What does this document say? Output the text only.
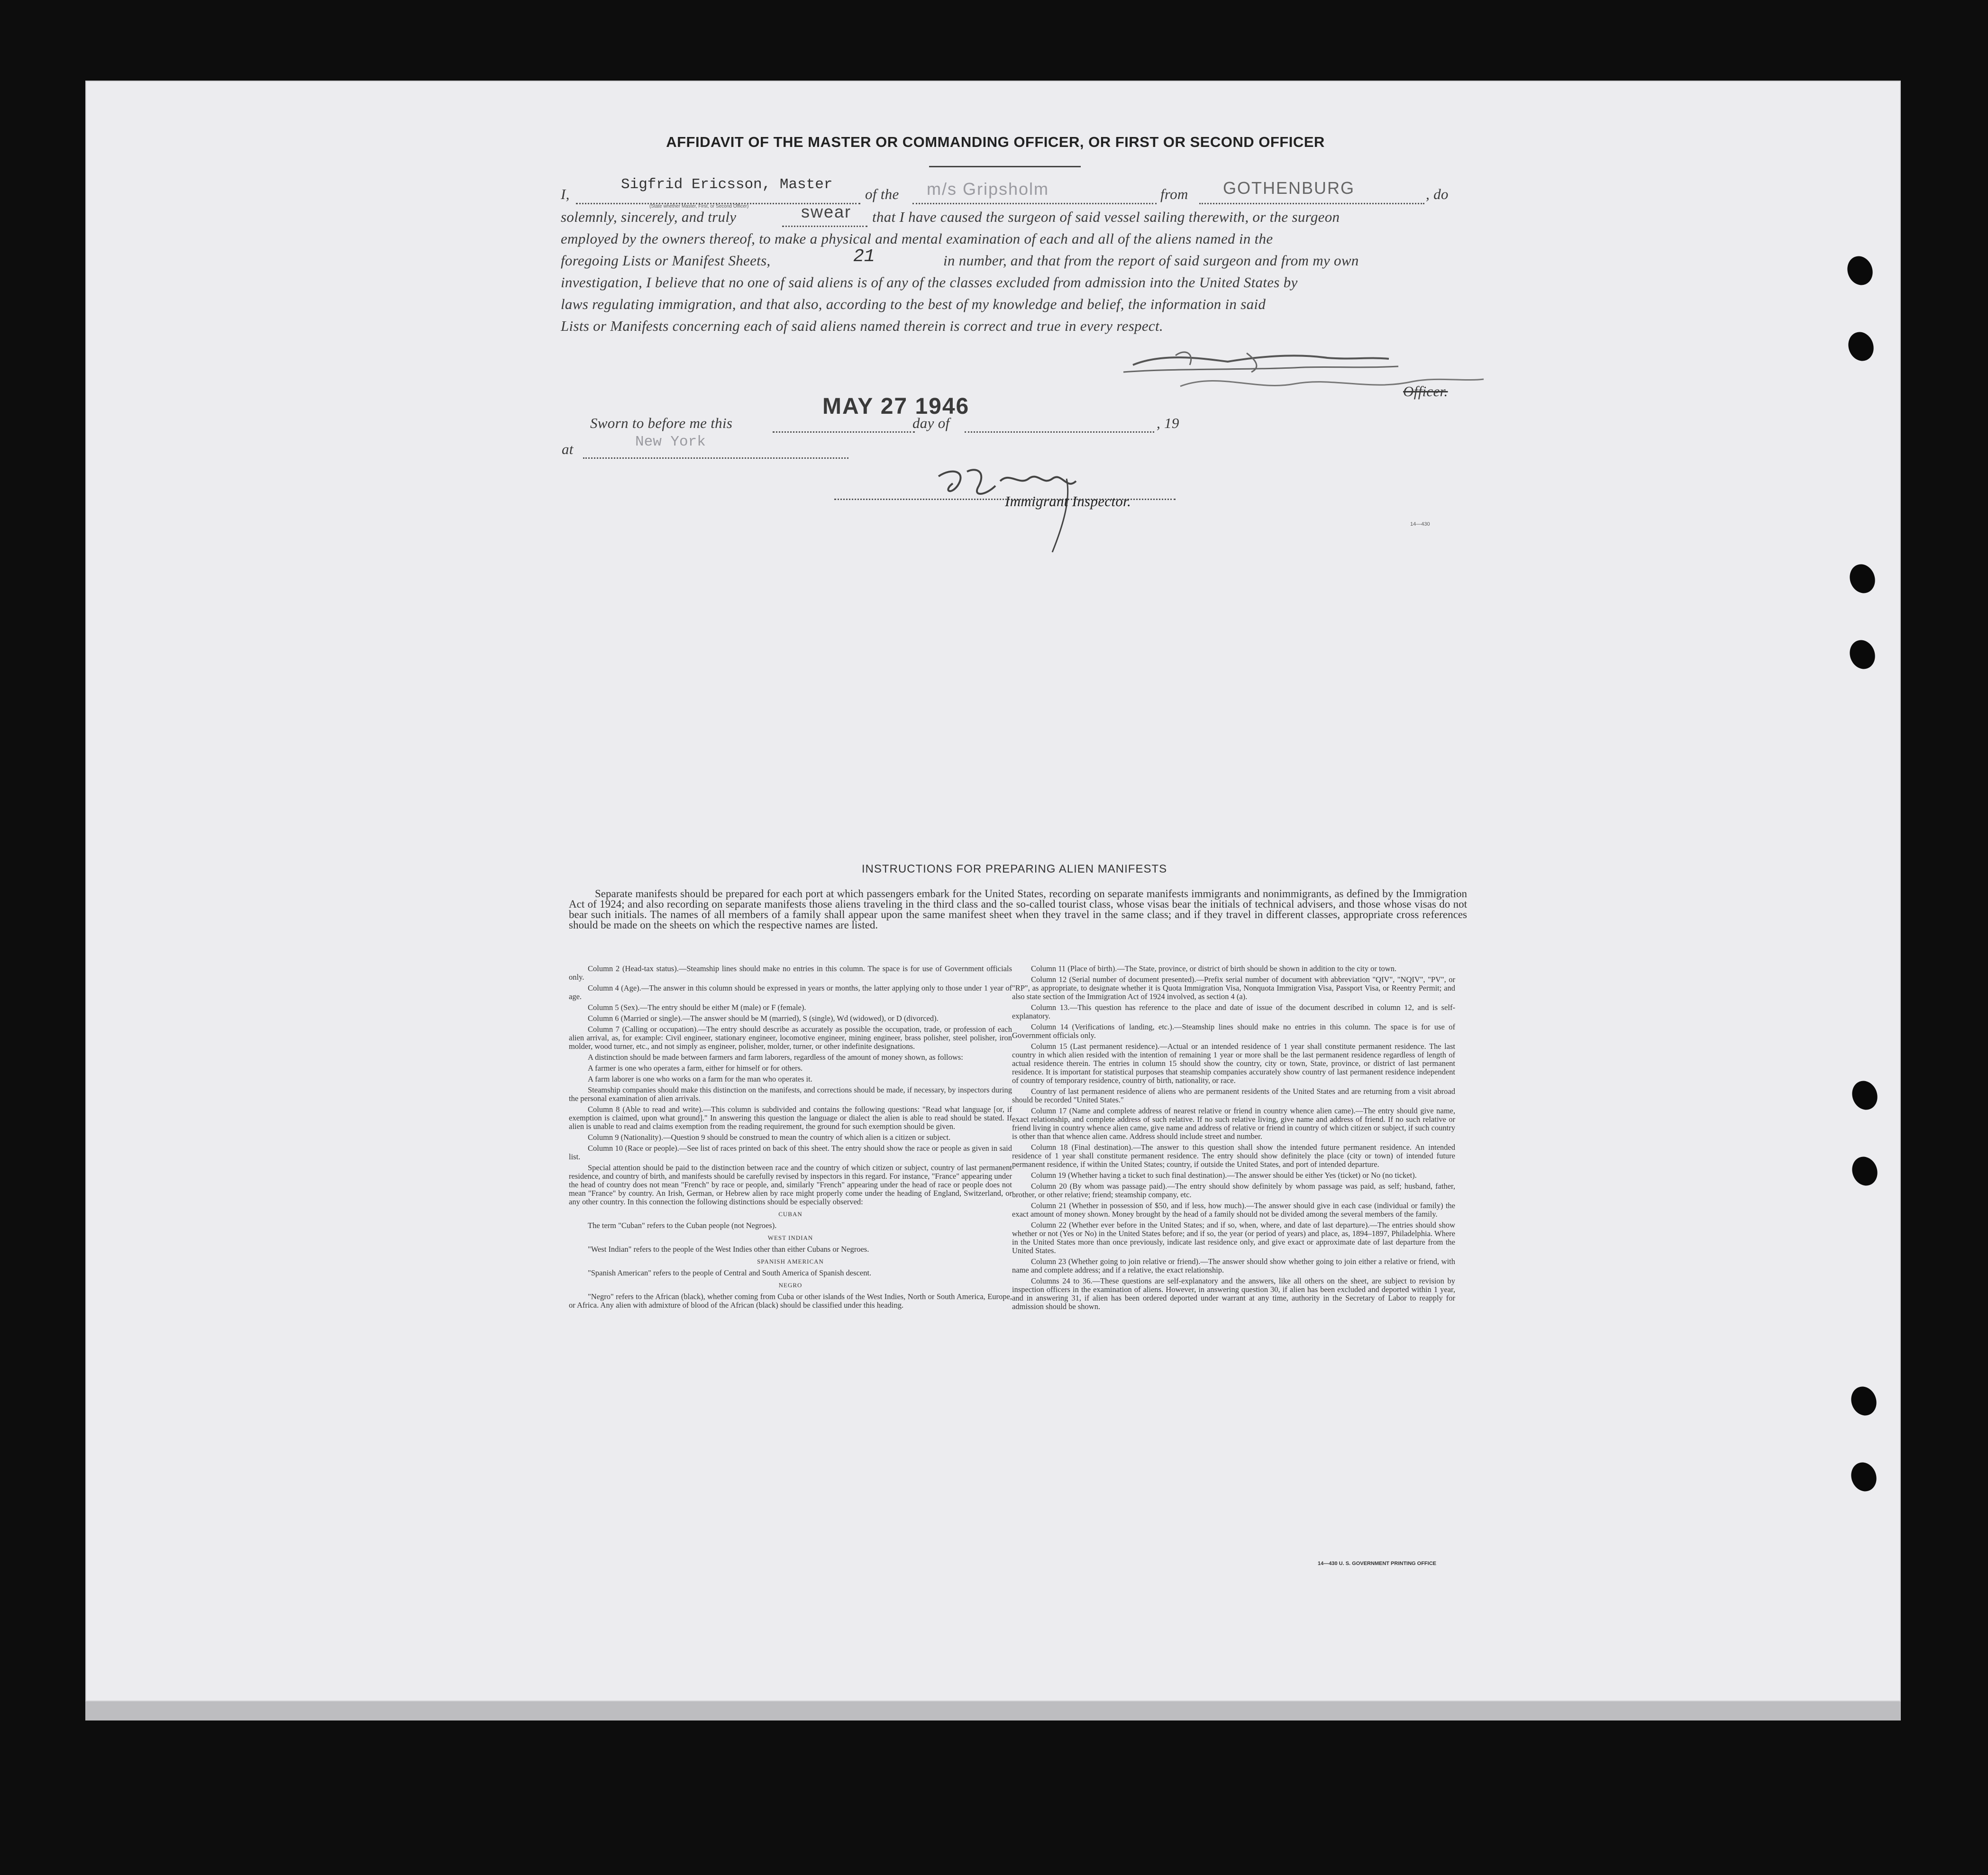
AFFIDAVIT OF THE MASTER OR COMMANDING OFFICER, OR FIRST OR SECOND OFFICER
I,
Sigfrid Ericsson, Master
(State whether Master, First, or Second Officer)
of the m/s Gripsholm	from GOTHENBURG	, do
solemnly, sincerely, and truly	swear that I have caused the surgeon of said vessel sailing therewith, or the surgeon
employed by the owners thereof, to make a physical and mental examination of each and all of the aliens named in the
foregoing Lists or Manifest Sheets,	21	in number, and that from the report of said surgeon and from my own
investigation, I believe that no one of said aliens is of any of the classes excluded from admission into the United States by
laws regulating immigration, and that also, according to the best of my knowledge and belief, the information in said
Lists or Manifests concerning each of said aliens named therein is correct and true in every respect.
Officer.
Sworn to before me this
MAY 27 1946
day of	, 19
at	New York
Immigrant Inspector.
14—430
INSTRUCTIONS FOR PREPARING ALIEN MANIFESTS
Separate manifests should be prepared for each port at which passengers embark for the United States, recording on separate manifests immigrants and nonimmigrants, as defined by the Immigration Act of 1924; and also recording on separate manifests those aliens traveling in the third class and the so-called tourist class, whose visas bear the initials of technical advisers, and those whose visas do not bear such initials. The names of all members of a family shall appear upon the same manifest sheet when they travel in the same class; and if they travel in different classes, appropriate cross references should be made on the sheets on which the respective names are listed.

Column 2 (Head-tax status).—Steamship lines should make no entries in this column. The space is for use of Government officials only.

Column 4 (Age).—The answer in this column should be expressed in years or months, the latter applying only to those under 1 year of age.

Column 5 (Sex).—The entry should be either M (male) or F (female).

Column 6 (Married or single).—The answer should be M (married), S (single), Wd (widowed), or D (divorced).

Column 7 (Calling or occupation).—The entry should describe as accurately as possible the occupation, trade, or profession of each alien arrival, as, for example: Civil engineer, stationary engineer, locomotive engineer, mining engineer, brass polisher, steel polisher, iron molder, wood turner, etc., and not simply as engineer, polisher, molder, turner, or other indefinite designations.

A distinction should be made between farmers and farm laborers, regardless of the amount of money shown, as follows:

A farmer is one who operates a farm, either for himself or for others.

A farm laborer is one who works on a farm for the man who operates it.

Steamship companies should make this distinction on the manifests, and corrections should be made, if necessary, by inspectors during the personal examination of alien arrivals.

Column 8 (Able to read and write).—This column is subdivided and contains the following questions: "Read what language [or, if exemption is claimed, upon what ground]." In answering this question the language or dialect the alien is able to read should be stated. If alien is unable to read and claims exemption from the reading requirement, the ground for such exemption should be given.

Column 9 (Nationality).—Question 9 should be construed to mean the country of which alien is a citizen or subject.

Column 10 (Race or people).—See list of races printed on back of this sheet. The entry should show the race or people as given in said list.

Special attention should be paid to the distinction between race and the country of which citizen or subject, country of last permanent residence, and country of birth, and manifests should be carefully revised by inspectors in this regard. For instance, "France" appearing under the head of country does not mean "French" by race or people, and, similarly "French" appearing under the head of race or people does not mean "France" by country. An Irish, German, or Hebrew alien by race might properly come under the heading of England, Switzerland, or any other country. In this connection the following distinctions should be especially observed:

CUBAN

The term "Cuban" refers to the Cuban people (not Negroes).

WEST INDIAN

"West Indian" refers to the people of the West Indies other than either Cubans or Negroes.

SPANISH AMERICAN

"Spanish American" refers to the people of Central and South America of Spanish descent.

NEGRO

"Negro" refers to the African (black), whether coming from Cuba or other islands of the West Indies, North or South America, Europe, or Africa. Any alien with admixture of blood of the African (black) should be classified under this heading.

Column 11 (Place of birth).—The State, province, or district of birth should be shown in addition to the city or town.

Column 12 (Serial number of document presented).—Prefix serial number of document with abbreviation "QIV", "NQIV", "PV", or "RP", as appropriate, to designate whether it is Quota Immigration Visa, Nonquota Immigration Visa, Passport Visa, or Reentry Permit; and also state section of the Immigration Act of 1924 involved, as section 4 (a).

Column 13.—This question has reference to the place and date of issue of the document described in column 12, and is self-explanatory.

Column 14 (Verifications of landing, etc.).—Steamship lines should make no entries in this column. The space is for use of Government officials only.

Column 15 (Last permanent residence).—Actual or an intended residence of 1 year shall constitute permanent residence. The last country in which alien resided with the intention of remaining 1 year or more shall be the last permanent residence regardless of length of actual residence therein. The entries in column 15 should show the country, city or town, State, province, or district of last permanent residence. It is important for statistical purposes that steamship companies accurately show country of last permanent residence independent of country of temporary residence, country of birth, nationality, or race.

Country of last permanent residence of aliens who are permanent residents of the United States and are returning from a visit abroad should be recorded "United States."

Column 17 (Name and complete address of nearest relative or friend in country whence alien came).—The entry should give name, exact relationship, and complete address of such relative. If no such relative living, give name and address of friend. If no such relative or friend living in country whence alien came, give name and address of relative or friend in country of which citizen or subject, if such country is other than that whence alien came. Address should include street and number.

Column 18 (Final destination).—The answer to this question shall show the intended future permanent residence. An intended residence of 1 year shall constitute permanent residence. The entry should show definitely the place (city or town) of intended future permanent residence, if within the United States; country, if outside the United States, and port of intended departure.

Column 19 (Whether having a ticket to such final destination).—The answer should be either Yes (ticket) or No (no ticket).

Column 20 (By whom was passage paid).—The entry should show definitely by whom passage was paid, as self; husband, father, brother, or other relative; friend; steamship company, etc.

Column 21 (Whether in possession of $50, and if less, how much).—The answer should give in each case (individual or family) the exact amount of money shown. Money brought by the head of a family should not be divided among the several members of the family.

Column 22 (Whether ever before in the United States; and if so, when, where, and date of last departure).—The entries should show whether or not (Yes or No) in the United States before; and if so, the year (or period of years) and place, as, 1894–1897, Philadelphia. Where in the United States more than once previously, indicate last residence only, and give exact or approximate date of last departure from the United States.

Column 23 (Whether going to join relative or friend).—The answer should show whether going to join either a relative or friend, with name and complete address; and if a relative, the exact relationship.

Columns 24 to 36.—These questions are self-explanatory and the answers, like all others on the sheet, are subject to revision by inspection officers in the examination of aliens. However, in answering question 30, if alien has been excluded and deported within 1 year, and in answering 31, if alien has been ordered deported under warrant at any time, authority in the Secretary of Labor to reapply for admission should be shown.

14—430 U. S. GOVERNMENT PRINTING OFFICE
